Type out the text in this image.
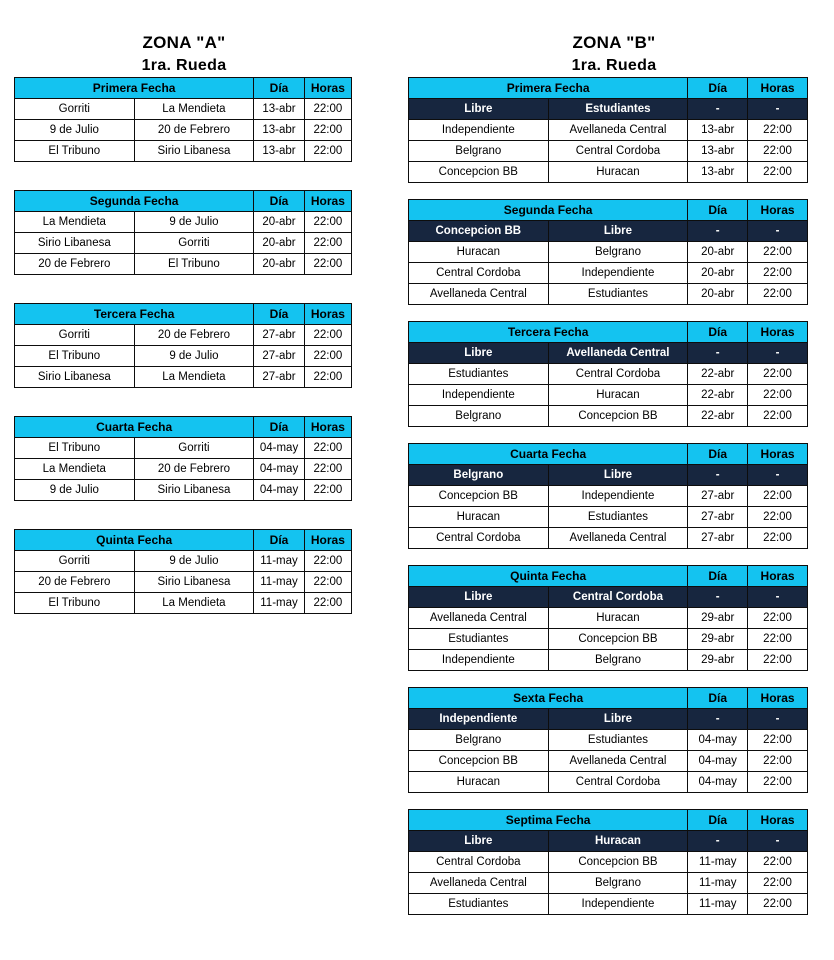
ZONA "A"
1ra. Rueda
Primera Fecha		Día	Horas
Gorriti	La Mendieta	13-abr	22:00
9 de Julio	20 de Febrero	13-abr	22:00
El Tribuno	Sirio Libanesa	13-abr	22:00
Segunda Fecha		Día	Horas
La Mendieta	9 de Julio	20-abr	22:00
Sirio Libanesa	Gorriti	20-abr	22:00
20 de Febrero	El Tribuno	20-abr	22:00
Tercera Fecha		Día	Horas
Gorriti	20 de Febrero	27-abr	22:00
El Tribuno	9 de Julio	27-abr	22:00
Sirio Libanesa	La Mendieta	27-abr	22:00
Cuarta Fecha		Día	Horas
El Tribuno	Gorriti	04-may	22:00
La Mendieta	20 de Febrero	04-may	22:00
9 de Julio	Sirio Libanesa	04-may	22:00
Quinta Fecha		Día	Horas
Gorriti	9 de Julio	11-may	22:00
20 de Febrero	Sirio Libanesa	11-may	22:00
El Tribuno	La Mendieta	11-may	22:00
ZONA "B"
1ra. Rueda
Primera Fecha		Día	Horas
Libre	Estudiantes	-	-
Independiente	Avellaneda Central	13-abr	22:00
Belgrano	Central Cordoba	13-abr	22:00
Concepcion BB	Huracan	13-abr	22:00
Segunda Fecha		Día	Horas
Concepcion BB	Libre	-	-
Huracan	Belgrano	20-abr	22:00
Central Cordoba	Independiente	20-abr	22:00
Avellaneda Central	Estudiantes	20-abr	22:00
Tercera Fecha		Día	Horas
Libre	Avellaneda Central	-	-
Estudiantes	Central Cordoba	22-abr	22:00
Independiente	Huracan	22-abr	22:00
Belgrano	Concepcion BB	22-abr	22:00
Cuarta Fecha		Día	Horas
Belgrano	Libre	-	-
Concepcion BB	Independiente	27-abr	22:00
Huracan	Estudiantes	27-abr	22:00
Central Cordoba	Avellaneda Central	27-abr	22:00
Quinta Fecha		Día	Horas
Libre	Central Cordoba	-	-
Avellaneda Central	Huracan	29-abr	22:00
Estudiantes	Concepcion BB	29-abr	22:00
Independiente	Belgrano	29-abr	22:00
Sexta Fecha		Día	Horas
Independiente	Libre	-	-
Belgrano	Estudiantes	04-may	22:00
Concepcion BB	Avellaneda Central	04-may	22:00
Huracan	Central Cordoba	04-may	22:00
Septima Fecha		Día	Horas
Libre	Huracan	-	-
Central Cordoba	Concepcion BB	11-may	22:00
Avellaneda Central	Belgrano	11-may	22:00
Estudiantes	Independiente	11-may	22:00
